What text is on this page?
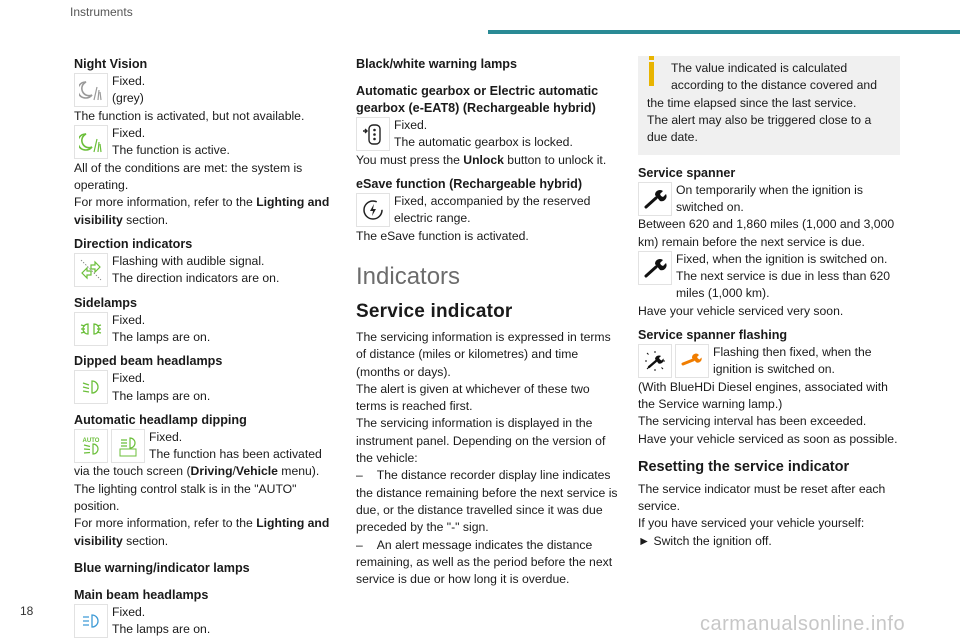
Instruments
Night Vision

Fixed.

(grey)

The function is activated, but not available.

Fixed.

The function is active.

All of the conditions are met: the system is operating.

For more information, refer to the Lighting and visibility section.

Direction indicators

Flashing with audible signal.

The direction indicators are on.

Sidelamps

Fixed.

The lamps are on.

Dipped beam headlamps

Fixed.

The lamps are on.

Automatic headlamp dipping
AUTO	Fixed.

The function has been activated

via the touch screen (Driving/Vehicle menu).

The lighting control stalk is in the "AUTO" position.

For more information, refer to the Lighting and visibility section.

Blue warning/indicator lamps
Main beam headlamps

Fixed.

The lamps are on.

Black/white warning lamps
Automatic gearbox or Electric automatic gearbox (e-EAT8) (Rechargeable hybrid)

Fixed.

The automatic gearbox is locked.

You must press the Unlock button to unlock it.

eSave function (Rechargeable hybrid)

Fixed, accompanied by the reserved electric range.

The eSave function is activated.

Indicators
Service indicator

The servicing information is expressed in terms of distance (miles or kilometres) and time (months or days).

The alert is given at whichever of these two terms is reached first.

The servicing information is displayed in the instrument panel. Depending on the version of the vehicle:

– The distance recorder display line indicates the distance remaining before the next service is due, or the distance travelled since it was due preceded by the "-" sign.

– An alert message indicates the distance remaining, as well as the period before the next service is due or how long it is overdue.

The value indicated is calculated

according to the distance covered and

the time elapsed since the last service.

The alert may also be triggered close to a due date.

Service spanner

On temporarily when the ignition is switched on.

Between 620 and 1,860 miles (1,000 and 3,000 km) remain before the next service is due.

Fixed, when the ignition is switched on.

The next service is due in less than 620 miles (1,000 km).

Have your vehicle serviced very soon.

Service spanner flashing

Flashing then fixed, when the ignition is switched on.

(With BlueHDi Diesel engines, associated with the Service warning lamp.)

The servicing interval has been exceeded.

Have your vehicle serviced as soon as possible.

Resetting the service indicator

The service indicator must be reset after each service.

If you have serviced your vehicle yourself:

► Switch the ignition off.

18
carmanualsonline.info
